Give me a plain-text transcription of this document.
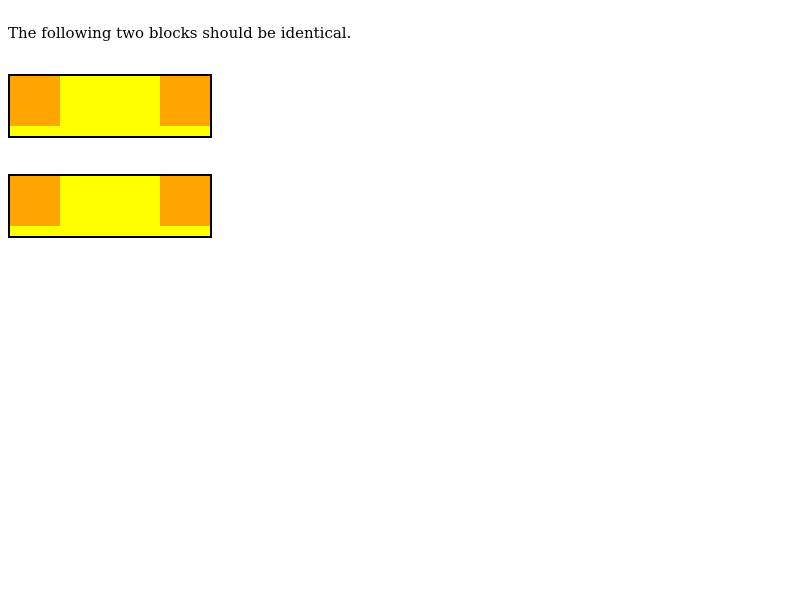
The following two blocks should be identical.
